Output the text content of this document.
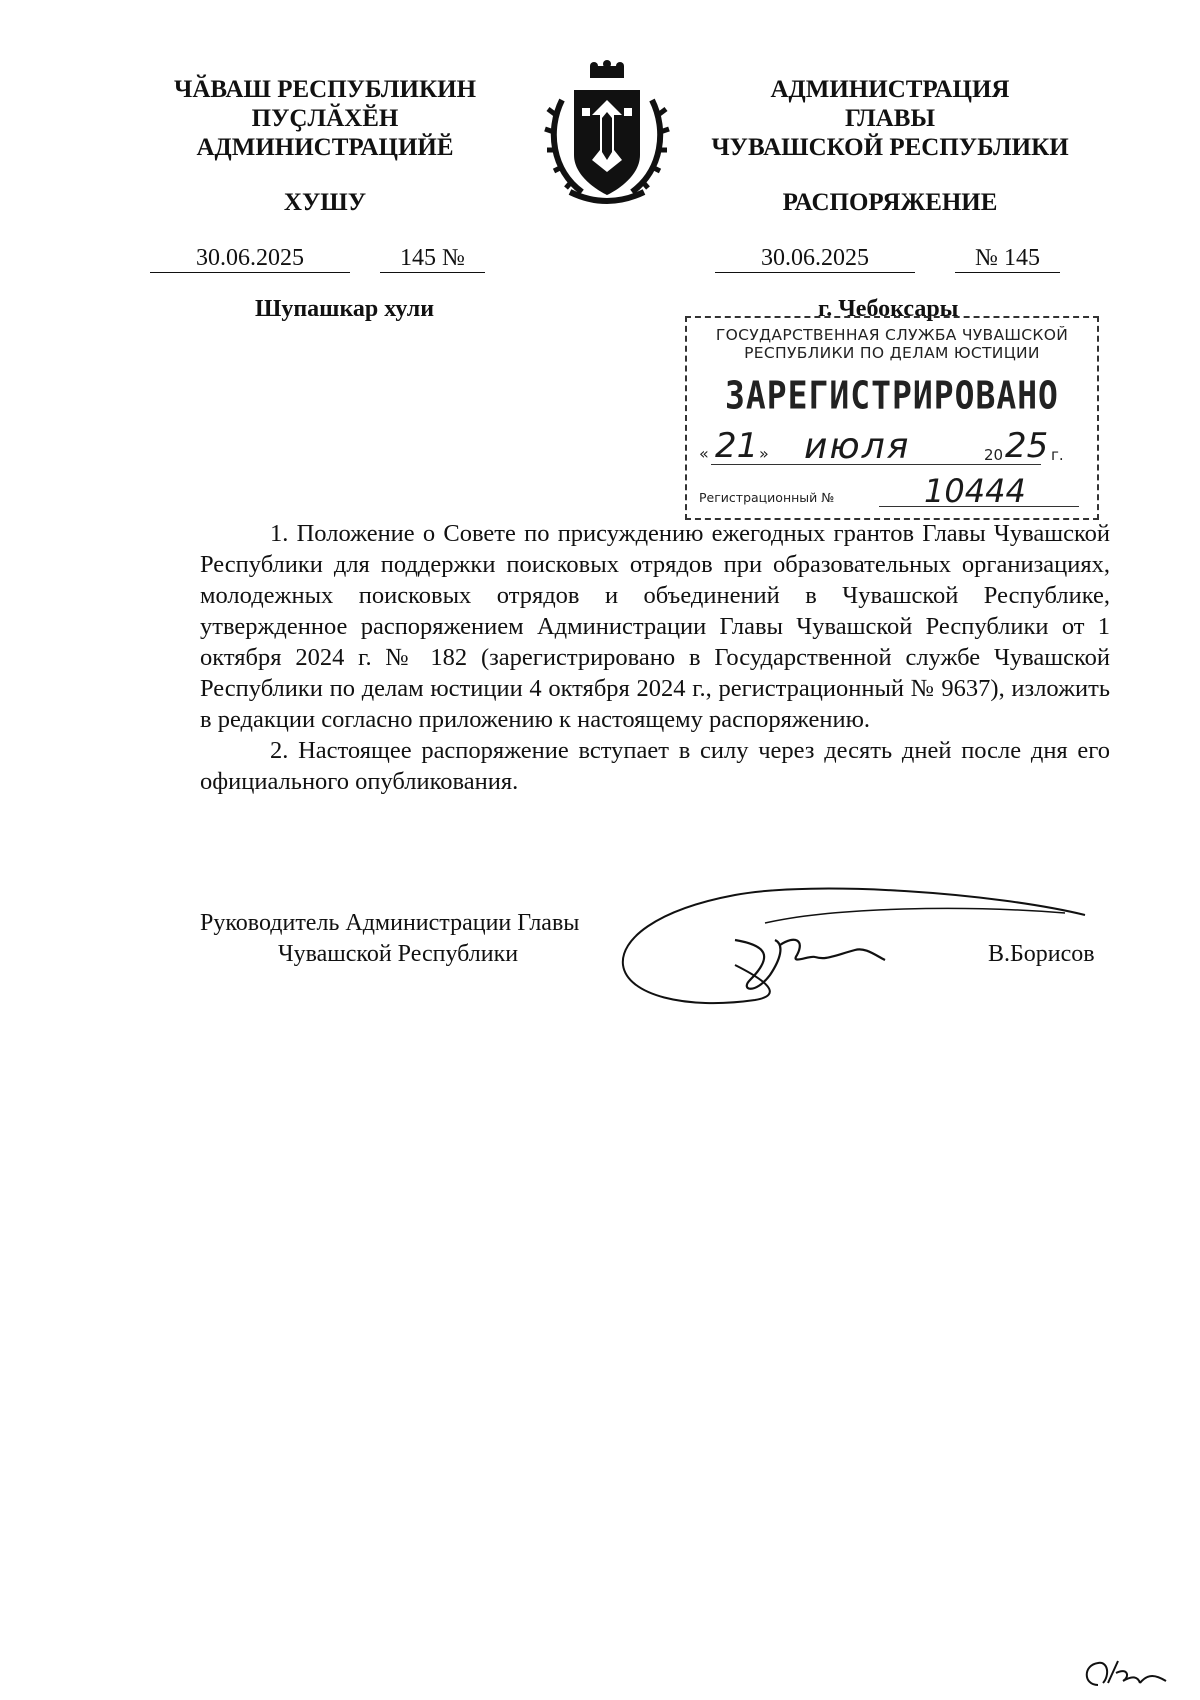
ЧӐВАШ РЕСПУБЛИКИН
ПУҪЛӐХӖН
АДМИНИСТРАЦИЙӖ
ХУШУ
30.06.2025	145 №
Шупашкар хули
АДМИНИСТРАЦИЯ
ГЛАВЫ
ЧУВАШСКОЙ РЕСПУБЛИКИ
РАСПОРЯЖЕНИЕ
30.06.2025	№ 145
г. Чебоксары
ГОСУДАРСТВЕННАЯ СЛУЖБА ЧУВАШСКОЙ
РЕСПУБЛИКИ ПО ДЕЛАМ ЮСТИЦИИ
ЗАРЕГИСТРИРОВАНО
« 21 » июля	20 25 г.
Регистрационный №	10444

1. Положение о Совете по присуждению ежегодных грантов Главы Чувашской Республики для поддержки поисковых отрядов при образовательных организациях, молодежных поисковых отрядов и объединений в Чувашской Республике, утвержденное распоряжением Администрации Главы Чувашской Республики от 1 октября 2024 г. № 182 (зарегистрировано в Государственной службе Чувашской Республики по делам юстиции 4 октября 2024 г., регистрационный № 9637), изложить в редакции согласно приложению к настоящему распоряжению.

2. Настоящее распоряжение вступает в силу через десять дней после дня его официального опубликования.

Руководитель Администрации Главы
Чувашской Республики	В.Борисов
